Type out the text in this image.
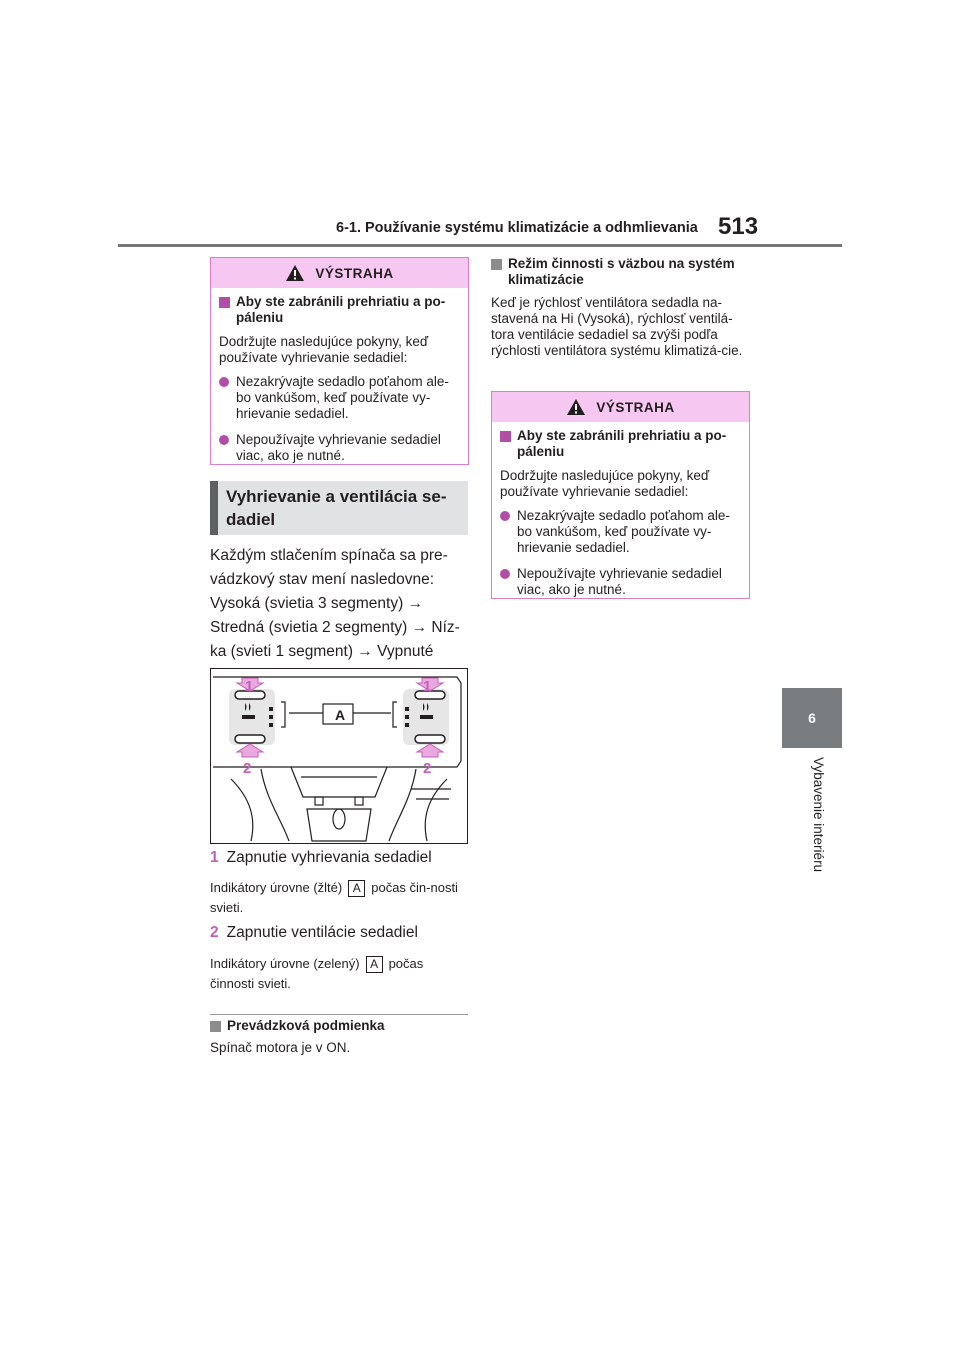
6-1. Používanie systému klimatizácie a odhmlievania 513
6
Vybavenie interiéru
VÝSTRAHA
Aby ste zabránili prehriatiu a po-páleniu
Dodržujte nasledujúce pokyny, keď používate vyhrievanie sedadiel:
Nezakrývajte sedadlo poťahom ale-bo vankúšom, keď používate vy-hrievanie sedadiel.
Nepoužívajte vyhrievanie sedadiel viac, ako je nutné.
Vyhrievanie a ventilácia se-dadiel
Každým stlačením spínača sa pre-vádzkový stav mení nasledovne:
Vysoká (svietia 3 segmenty) → Stredná (svietia 2 segmenty) → Níz-ka (svieti 1 segment) → Vypnuté
A
1	1
2	2
1 Zapnutie vyhrievania sedadiel
Indikátory úrovne (žlté) A počas čin-nosti svieti.
2 Zapnutie ventilácie sedadiel
Indikátory úrovne (zelený) A počas činnosti svieti.
Prevádzková podmienka
Spínač motora je v ON.
Režim činnosti s väzbou na systém klimatizácie
Keď je rýchlosť ventilátora sedadla na-stavená na Hi (Vysoká), rýchlosť ventilá-tora ventilácie sedadiel sa zvýši podľa rýchlosti ventilátora systému klimatizá-cie.
VÝSTRAHA
Aby ste zabránili prehriatiu a po-páleniu
Dodržujte nasledujúce pokyny, keď používate vyhrievanie sedadiel:
Nezakrývajte sedadlo poťahom ale-bo vankúšom, keď používate vy-hrievanie sedadiel.
Nepoužívajte vyhrievanie sedadiel viac, ako je nutné.
